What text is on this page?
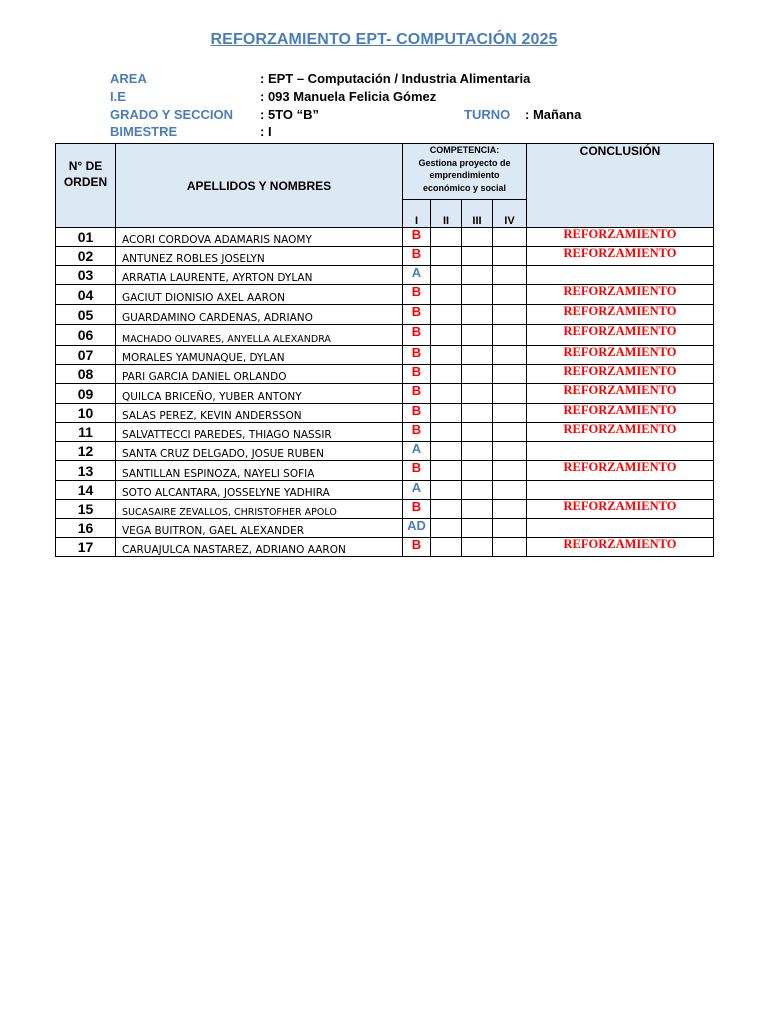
REFORZAMIENTO EPT- COMPUTACIÓN 2025
AREA	: EPT – Computación / Industria Alimentaria
I.E	: 093 Manuela Felicia Gómez
GRADO Y SECCION : 5TO “B”	TURNO : Mañana
BIMESTRE	: I
N° DE
ORDEN	APELLIDOS Y NOMBRES	COMPETENCIA:
Gestiona proyecto de
emprendimiento
económico y social				CONCLUSIÓN
		I	II	III	IV	
01	ACORI CORDOVA ADAMARIS NAOMY	B				REFORZAMIENTO
02	ANTUNEZ ROBLES JOSELYN	B				REFORZAMIENTO
03	ARRATIA LAURENTE, AYRTON DYLAN	A				
04	GACIUT DIONISIO AXEL AARON	B				REFORZAMIENTO
05	GUARDAMINO CARDENAS, ADRIANO	B				REFORZAMIENTO
06	MACHADO OLIVARES, ANYELLA ALEXANDRA	B				REFORZAMIENTO
07	MORALES YAMUNAQUE, DYLAN	B				REFORZAMIENTO
08	PARI GARCIA DANIEL ORLANDO	B				REFORZAMIENTO
09	QUILCA BRICEÑO, YUBER ANTONY	B				REFORZAMIENTO
10	SALAS PEREZ, KEVIN ANDERSSON	B				REFORZAMIENTO
11	SALVATTECCI PAREDES, THIAGO NASSIR	B				REFORZAMIENTO
12	SANTA CRUZ DELGADO, JOSUE RUBEN	A				
13	SANTILLAN ESPINOZA, NAYELI SOFIA	B				REFORZAMIENTO
14	SOTO ALCANTARA, JOSSELYNE YADHIRA	A				
15	SUCASAIRE ZEVALLOS, CHRISTOFHER APOLO	B				REFORZAMIENTO
16	VEGA BUITRON, GAEL ALEXANDER	AD				
17	CARUAJULCA NASTAREZ, ADRIANO AARON	B				REFORZAMIENTO
